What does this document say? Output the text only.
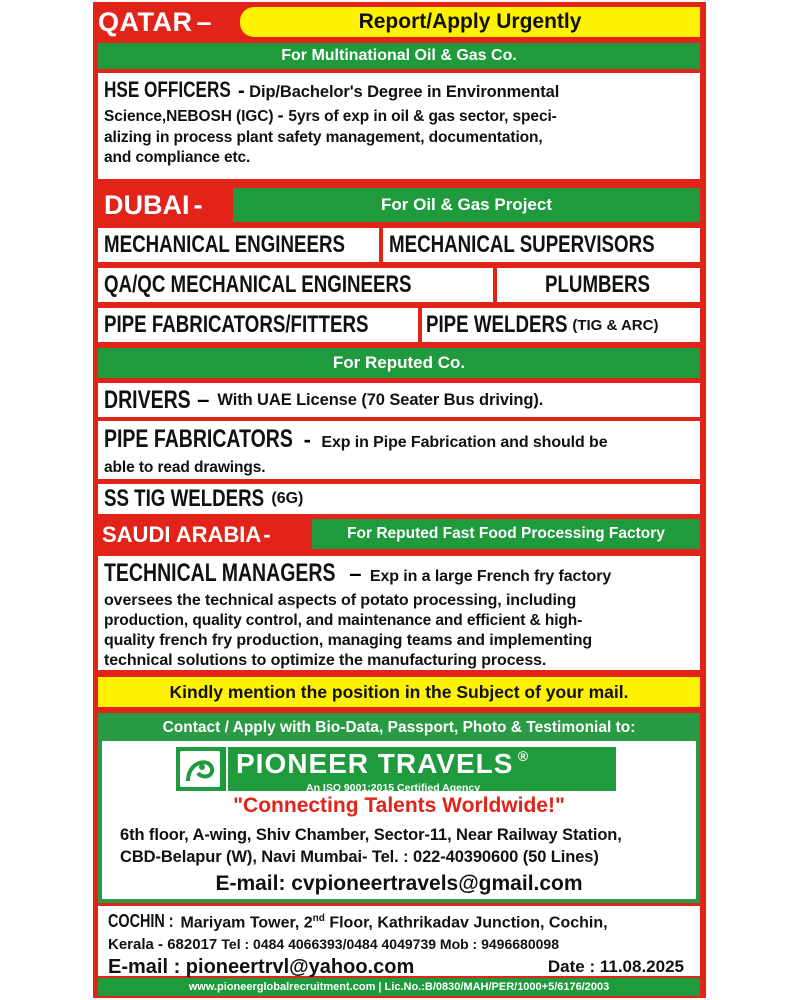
QATAR –	Report/Apply Urgently
For Multinational Oil & Gas Co.
HSE OFFICERS - Dip/Bachelor's Degree in Environmental
Science,NEBOSH (IGC) - 5yrs of exp in oil & gas sector, speci-
alizing in process plant safety management, documentation,
and compliance etc.
DUBAI -	For Oil & Gas Project
MECHANICAL ENGINEERS MECHANICAL SUPERVISORS
QA/QC MECHANICAL ENGINEERS	PLUMBERS
PIPE FABRICATORS/FITTERS PIPE WELDERS (TIG & ARC)
For Reputed Co.
DRIVERS – With UAE License (70 Seater Bus driving).
PIPE FABRICATORS - Exp in Pipe Fabrication and should be
able to read drawings.
SS TIG WELDERS (6G)
SAUDI ARABIA -	For Reputed Fast Food Processing Factory
TECHNICAL MANAGERS – Exp in a large French fry factory
oversees the technical aspects of potato processing, including
production, quality control, and maintenance and efficient & high-
quality french fry production, managing teams and implementing
technical solutions to optimize the manufacturing process.
Kindly mention the position in the Subject of your mail.
Contact / Apply with Bio-Data, Passport, Photo & Testimonial to:
PIONEER TRAVELS ®
An ISO 9001:2015 Certified Agency
"Connecting Talents Worldwide!"
6th floor, A-wing, Shiv Chamber, Sector-11, Near Railway Station,
CBD-Belapur (W), Navi Mumbai- Tel. : 022-40390600 (50 Lines)
E-mail: cvpioneertravels@gmail.com
COCHIN : Mariyam Tower, 2nd Floor, Kathrikadav Junction, Cochin,
Kerala - 682017 Tel : 0484 4066393/0484 4049739 Mob : 9496680098
E-mail : pioneertrvl@yahoo.com	Date : 11.08.2025
www.pioneerglobalrecruitment.com | Lic.No.:B/0830/MAH/PER/1000+5/6176/2003
